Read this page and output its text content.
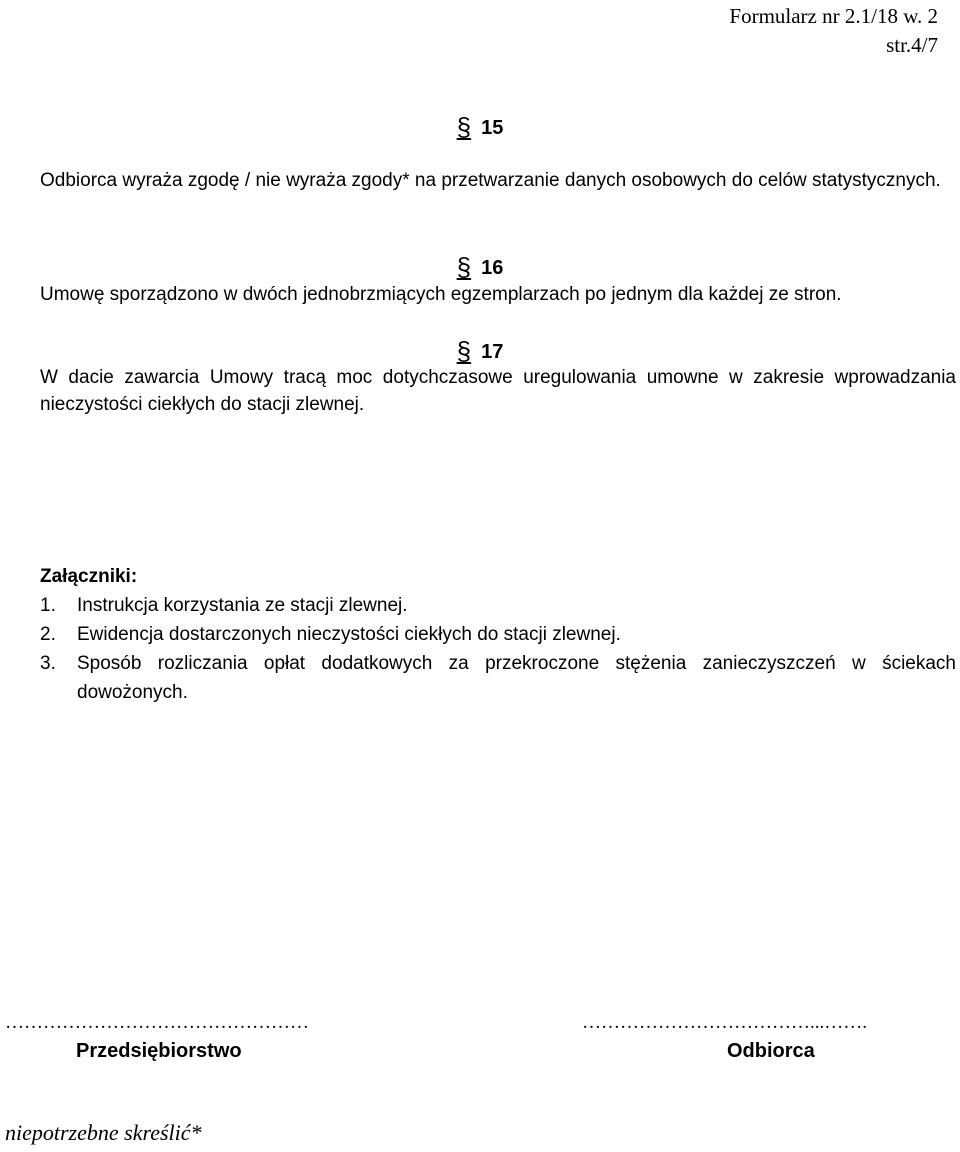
Formularz nr 2.1/18 w. 2
str.4/7
§ 15
Odbiorca wyraża zgodę / nie wyraża zgody* na przetwarzanie danych osobowych do celów statystycznych.
§ 16
Umowę sporządzono w dwóch jednobrzmiących egzemplarzach po jednym dla każdej ze stron.
§ 17
W dacie zawarcia Umowy tracą moc dotychczasowe uregulowania umowne w zakresie wprowadzania nieczystości ciekłych do stacji zlewnej.
Załączniki:
1. Instrukcja korzystania ze stacji zlewnej.
2. Ewidencja dostarczonych nieczystości ciekłych do stacji zlewnej.
3. Sposób rozliczania opłat dodatkowych za przekroczone stężenia zanieczyszczeń w ściekach dowożonych.
…………………………………………
Przedsiębiorstwo
………………………………...…….
Odbiorca
niepotrzebne skreślić*
